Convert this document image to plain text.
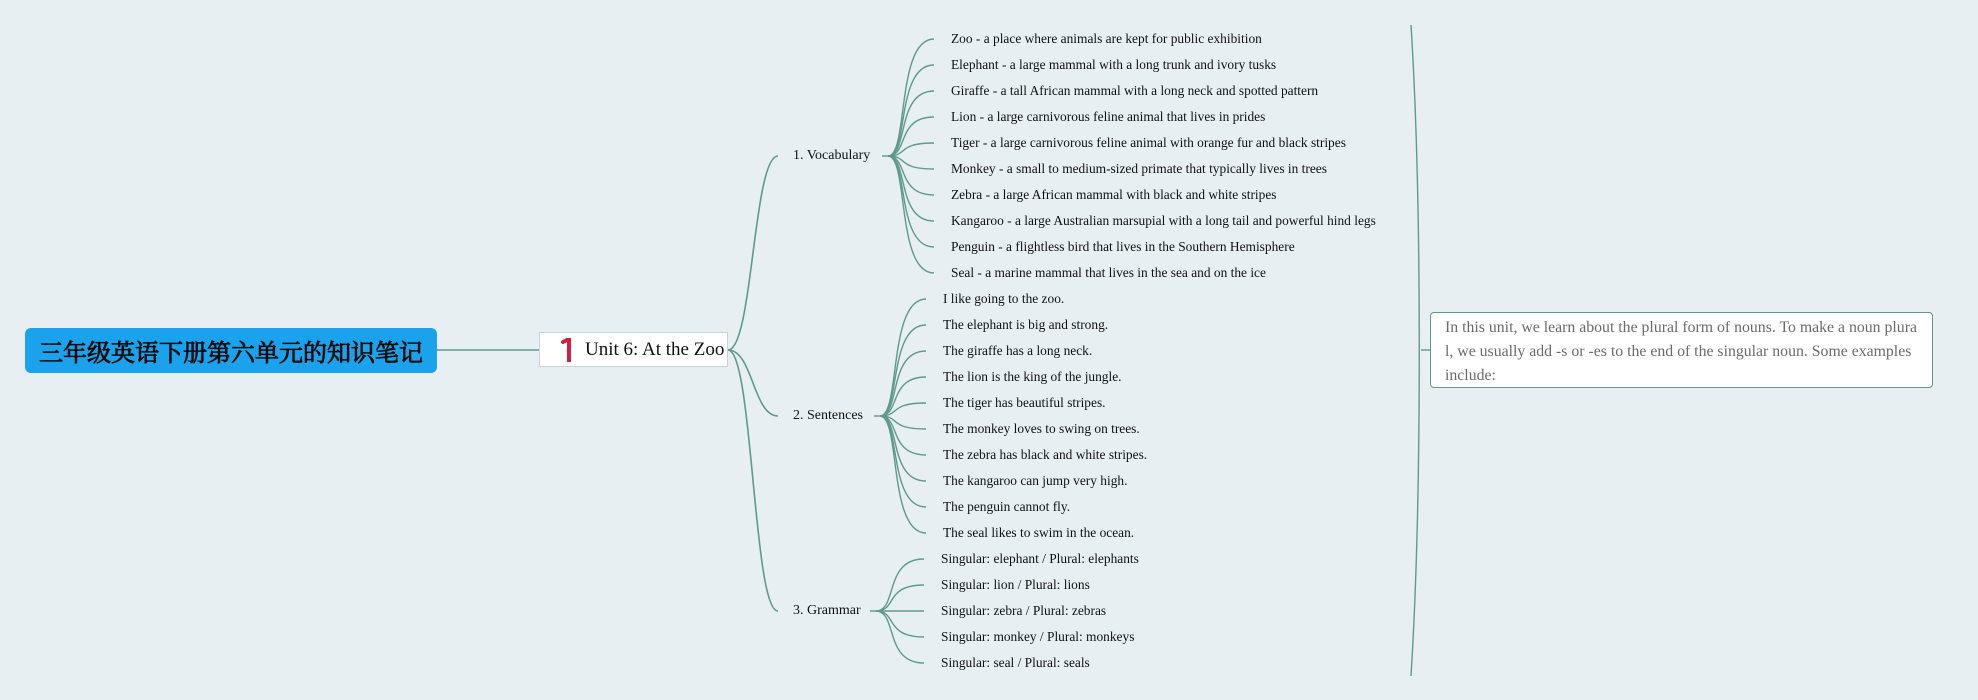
三年级英语下册第六单元的知识笔记	Unit 6: At the Zoo
1. Vocabulary
2. Sentences
3. Grammar
Zoo - a place where animals are kept for public exhibition
Elephant - a large mammal with a long trunk and ivory tusks
Giraffe - a tall African mammal with a long neck and spotted pattern
Lion - a large carnivorous feline animal that lives in prides
Tiger - a large carnivorous feline animal with orange fur and black stripes
Monkey - a small to medium-sized primate that typically lives in trees
Zebra - a large African mammal with black and white stripes
Kangaroo - a large Australian marsupial with a long tail and powerful hind legs
Penguin - a flightless bird that lives in the Southern Hemisphere
Seal - a marine mammal that lives in the sea and on the ice
I like going to the zoo.
The elephant is big and strong.
The giraffe has a long neck.
The lion is the king of the jungle.
The tiger has beautiful stripes.
The monkey loves to swing on trees.
The zebra has black and white stripes.
The kangaroo can jump very high.
The penguin cannot fly.
The seal likes to swim in the ocean.
Singular: elephant / Plural: elephants
Singular: lion / Plural: lions
Singular: zebra / Plural: zebras
Singular: monkey / Plural: monkeys
Singular: seal / Plural: seals
In this unit, we learn about the plural form of nouns. To make a noun plural, we usually add -s or -es to the end of the singular noun. Some examples include:
